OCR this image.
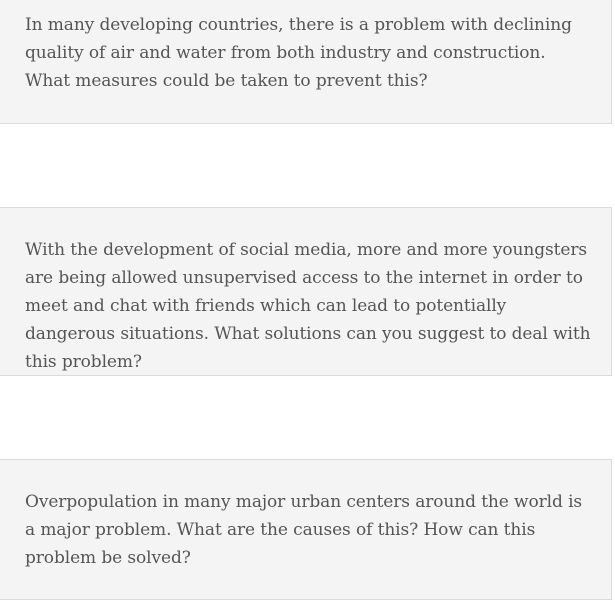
In many developing countries, there is a problem with declining quality of air and water from both industry and construction. What measures could be taken to prevent this?

With the development of social media, more and more youngsters are being allowed unsupervised access to the internet in order to meet and chat with friends which can lead to potentially dangerous situations. What solutions can you suggest to deal with this problem?

Overpopulation in many major urban centers around the world is a major problem. What are the causes of this? How can this problem be solved?
